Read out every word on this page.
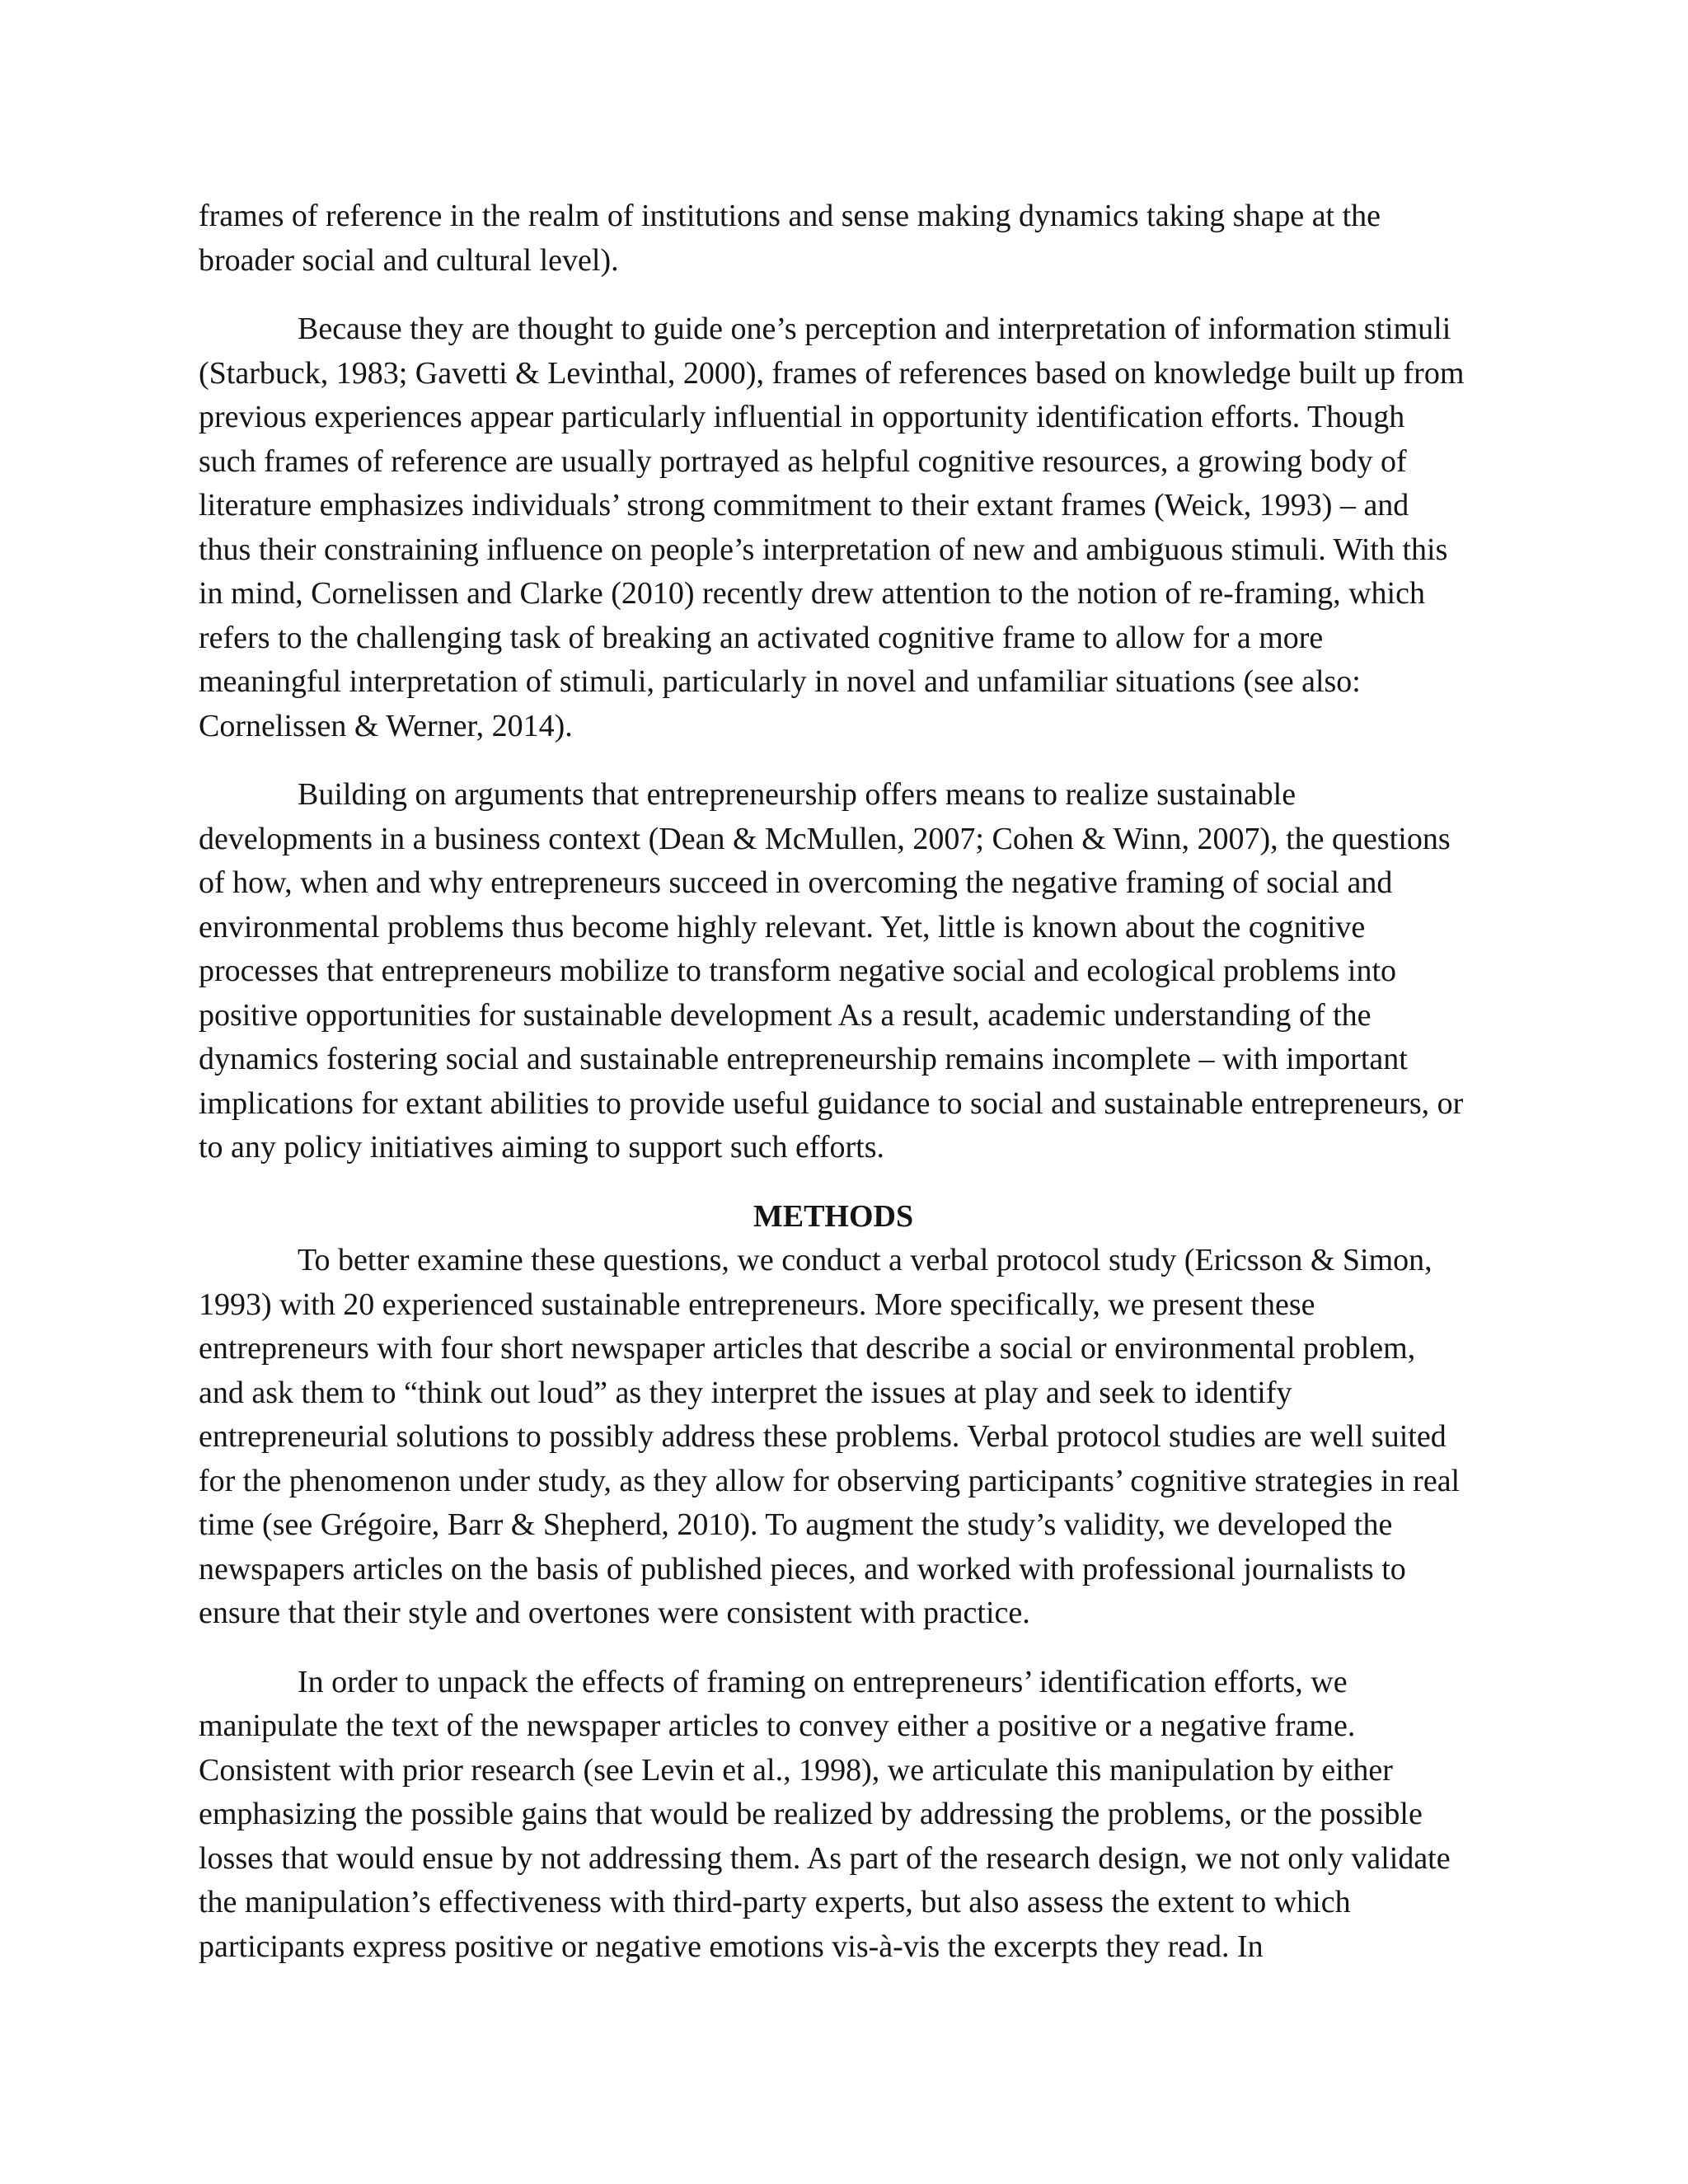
frames of reference in the realm of institutions and sense making dynamics taking shape at the broader social and cultural level).

Because they are thought to guide one’s perception and interpretation of information stimuli (Starbuck, 1983; Gavetti & Levinthal, 2000), frames of references based on knowledge built up from previous experiences appear particularly influential in opportunity identification efforts. Though such frames of reference are usually portrayed as helpful cognitive resources, a growing body of literature emphasizes individuals’ strong commitment to their extant frames (Weick, 1993) – and thus their constraining influence on people’s interpretation of new and ambiguous stimuli. With this in mind, Cornelissen and Clarke (2010) recently drew attention to the notion of re-framing, which refers to the challenging task of breaking an activated cognitive frame to allow for a more meaningful interpretation of stimuli, particularly in novel and unfamiliar situations (see also: Cornelissen & Werner, 2014).

Building on arguments that entrepreneurship offers means to realize sustainable developments in a business context (Dean & McMullen, 2007; Cohen & Winn, 2007), the questions of how, when and why entrepreneurs succeed in overcoming the negative framing of social and environmental problems thus become highly relevant. Yet, little is known about the cognitive processes that entrepreneurs mobilize to transform negative social and ecological problems into positive opportunities for sustainable development As a result, academic understanding of the dynamics fostering social and sustainable entrepreneurship remains incomplete – with important implications for extant abilities to provide useful guidance to social and sustainable entrepreneurs, or to any policy initiatives aiming to support such efforts.

METHODS

To better examine these questions, we conduct a verbal protocol study (Ericsson & Simon, 1993) with 20 experienced sustainable entrepreneurs. More specifically, we present these entrepreneurs with four short newspaper articles that describe a social or environmental problem, and ask them to “think out loud” as they interpret the issues at play and seek to identify entrepreneurial solutions to possibly address these problems. Verbal protocol studies are well suited for the phenomenon under study, as they allow for observing participants’ cognitive strategies in real time (see Grégoire, Barr & Shepherd, 2010). To augment the study’s validity, we developed the newspapers articles on the basis of published pieces, and worked with professional journalists to ensure that their style and overtones were consistent with practice.

In order to unpack the effects of framing on entrepreneurs’ identification efforts, we manipulate the text of the newspaper articles to convey either a positive or a negative frame. Consistent with prior research (see Levin et al., 1998), we articulate this manipulation by either emphasizing the possible gains that would be realized by addressing the problems, or the possible losses that would ensue by not addressing them. As part of the research design, we not only validate the manipulation’s effectiveness with third-party experts, but also assess the extent to which participants express positive or negative emotions vis-à-vis the excerpts they read. In
